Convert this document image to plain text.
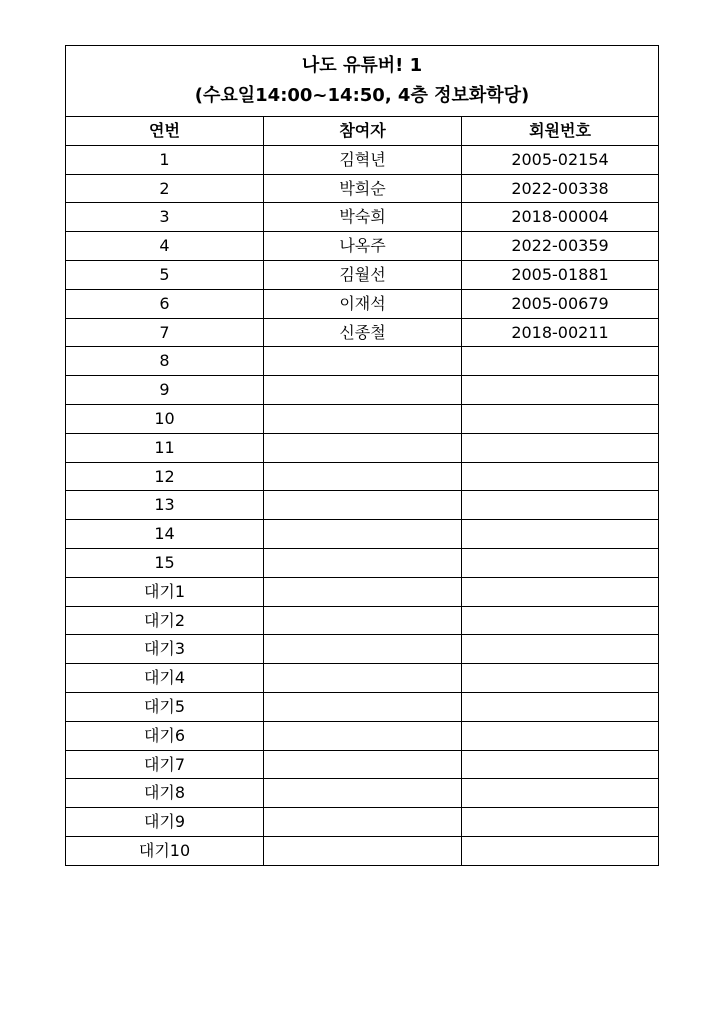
나도 유튜버! 1
(수요일14:00~14:50, 4층 정보화학당)		

연번	참여자	회원번호
1	김혁년	2005-02154
2	박희순	2022-00338
3	박숙희	2018-00004
4	나옥주	2022-00359
5	김월선	2005-01881
6	이재석	2005-00679
7	신종철	2018-00211
8		
9		
10		
11		
12		
13		
14		
15		
대기1		
대기2		
대기3		
대기4		
대기5		
대기6		
대기7		
대기8		
대기9		
대기10		
